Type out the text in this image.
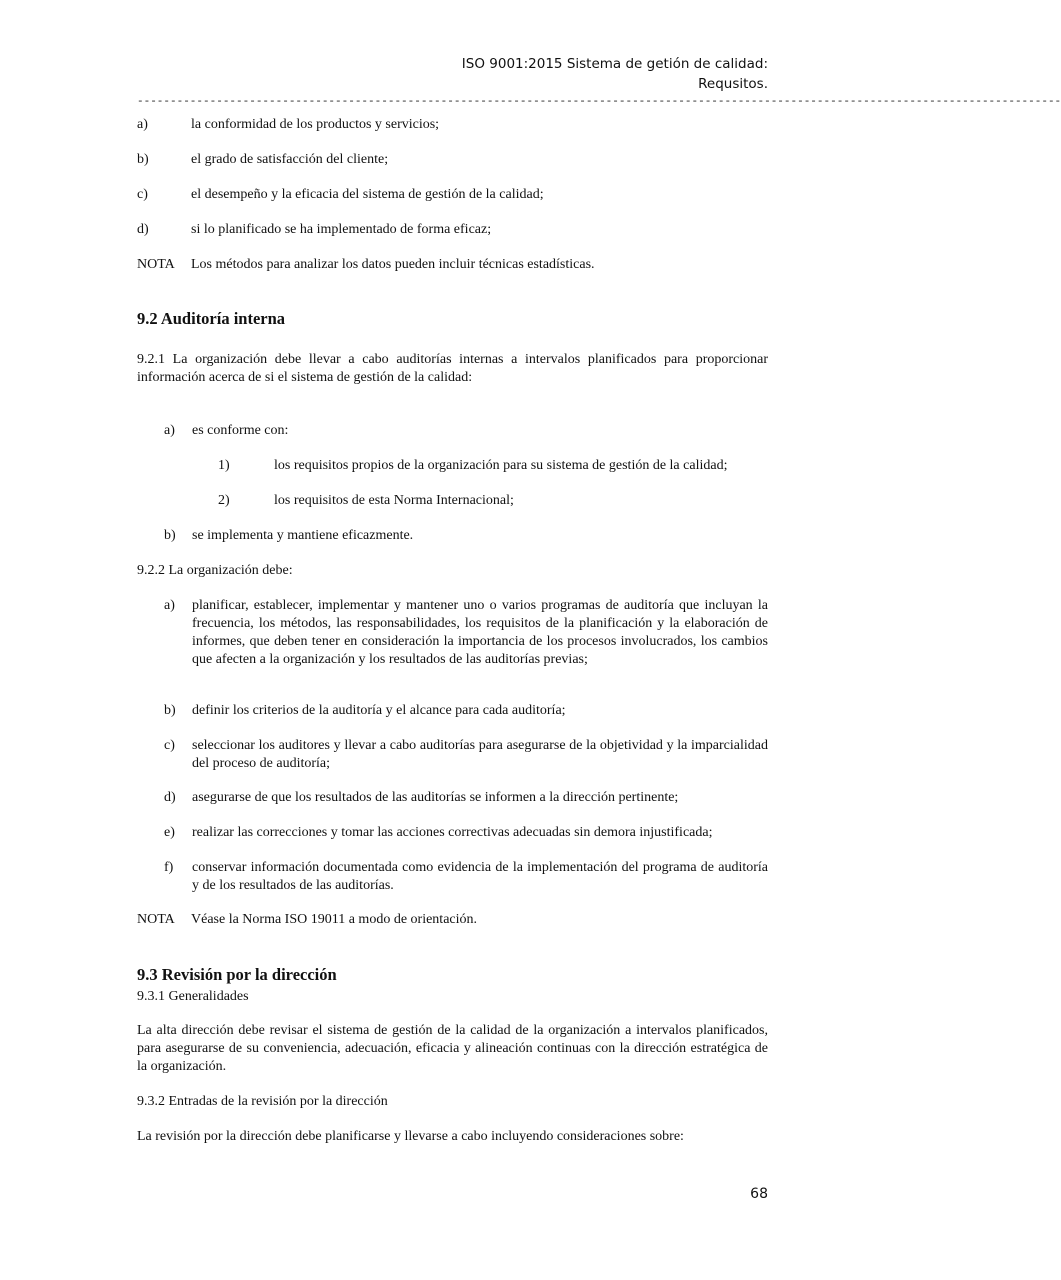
ISO 9001:2015 Sistema de getión de calidad:
Requsitos.
--------------------------------------------------------------------------------------------------------------------------------------------
a)	la conformidad de los productos y servicios;
b)	el grado de satisfacción del cliente;
c)	el desempeño y la eficacia del sistema de gestión de la calidad;
d)	si lo planificado se ha implementado de forma eficaz;
NOTA Los métodos para analizar los datos pueden incluir técnicas estadísticas.
9.2 Auditoría interna
9.2.1 La organización debe llevar a cabo auditorías internas a intervalos planificados para proporcionar información acerca de si el sistema de gestión de la calidad:
a) es conforme con:
1)	los requisitos propios de la organización para su sistema de gestión de la calidad;
2)	los requisitos de esta Norma Internacional;
b) se implementa y mantiene eficazmente.
9.2.2 La organización debe:
a) planificar, establecer, implementar y mantener uno o varios programas de auditoría que incluyan la frecuencia, los métodos, las responsabilidades, los requisitos de la planificación y la elaboración de informes, que deben tener en consideración la importancia de los procesos involucrados, los cambios que afecten a la organización y los resultados de las auditorías previas;
b) definir los criterios de la auditoría y el alcance para cada auditoría;
c) seleccionar los auditores y llevar a cabo auditorías para asegurarse de la objetividad y la imparcialidad del proceso de auditoría;
d) asegurarse de que los resultados de las auditorías se informen a la dirección pertinente;
e) realizar las correcciones y tomar las acciones correctivas adecuadas sin demora injustificada;
f) conservar información documentada como evidencia de la implementación del programa de auditoría y de los resultados de las auditorías.
NOTA Véase la Norma ISO 19011 a modo de orientación.
9.3 Revisión por la dirección
9.3.1 Generalidades
La alta dirección debe revisar el sistema de gestión de la calidad de la organización a intervalos planificados, para asegurarse de su conveniencia, adecuación, eficacia y alineación continuas con la dirección estratégica de la organización.
9.3.2 Entradas de la revisión por la dirección
La revisión por la dirección debe planificarse y llevarse a cabo incluyendo consideraciones sobre:
68
